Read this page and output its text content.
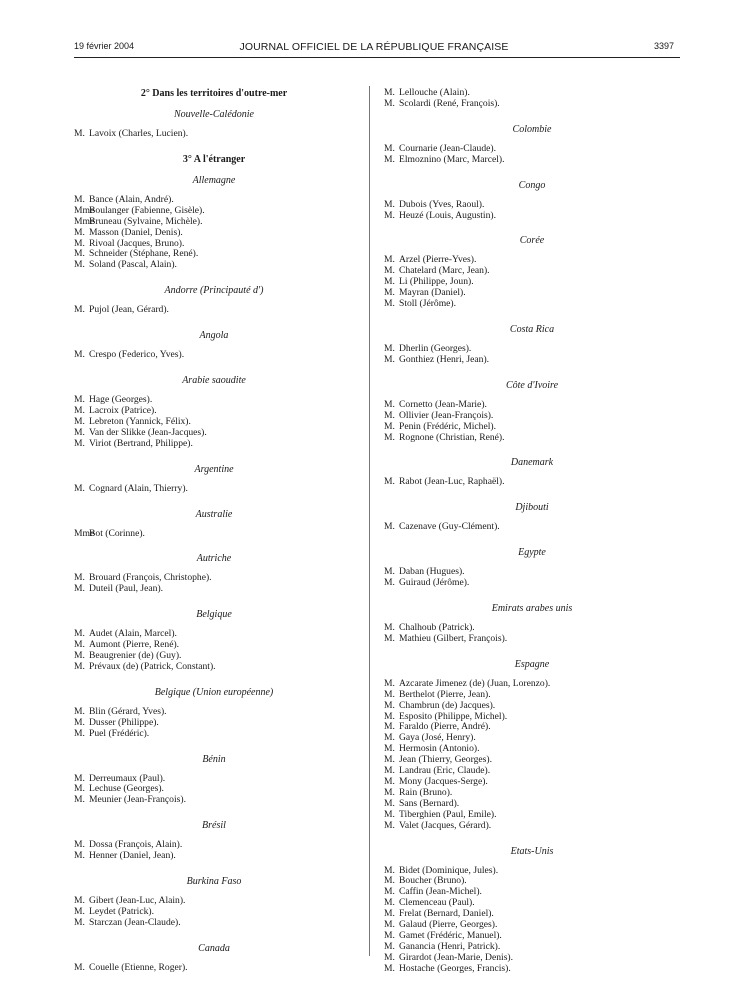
19 février 2004	JOURNAL OFFICIEL DE LA RÉPUBLIQUE FRANÇAISE	3397
2° Dans les territoires d'outre-mer
Nouvelle-Calédonie
M. Lavoix (Charles, Lucien).
3° A l'étranger
Allemagne
M. Bance (Alain, André).
MmeBoulanger (Fabienne, Gisèle).
MmeBruneau (Sylvaine, Michèle).
M. Masson (Daniel, Denis).
M. Rivoal (Jacques, Bruno).
M. Schneider (Stéphane, René).
M. Soland (Pascal, Alain).
Andorre (Principauté d')
M. Pujol (Jean, Gérard).
Angola
M. Crespo (Federico, Yves).
Arabie saoudite
M. Hage (Georges).
M. Lacroix (Patrice).
M. Lebreton (Yannick, Félix).
M. Van der Slikke (Jean-Jacques).
M. Viriot (Bertrand, Philippe).
Argentine
M. Cognard (Alain, Thierry).
Australie
MmeBot (Corinne).
Autriche
M. Brouard (François, Christophe).
M. Duteil (Paul, Jean).
Belgique
M. Audet (Alain, Marcel).
M. Aumont (Pierre, René).
M. Beaugrenier (de) (Guy).
M. Prévaux (de) (Patrick, Constant).
Belgique (Union européenne)
M. Blin (Gérard, Yves).
M. Dusser (Philippe).
M. Puel (Frédéric).
Bénin
M. Derreumaux (Paul).
M. Lechuse (Georges).
M. Meunier (Jean-François).
Brésil
M. Dossa (François, Alain).
M. Henner (Daniel, Jean).
Burkina Faso
M. Gibert (Jean-Luc, Alain).
M. Leydet (Patrick).
M. Starczan (Jean-Claude).
Canada
M. Couelle (Etienne, Roger).
M. Lellouche (Alain).
M. Scolardi (René, François).
Colombie
M. Cournarie (Jean-Claude).
M. Elmoznino (Marc, Marcel).
Congo
M. Dubois (Yves, Raoul).
M. Heuzé (Louis, Augustin).
Corée
M. Arzel (Pierre-Yves).
M. Chatelard (Marc, Jean).
M. Li (Philippe, Joun).
M. Mayran (Daniel).
M. Stoll (Jérôme).
Costa Rica
M. Dherlin (Georges).
M. Gonthiez (Henri, Jean).
Côte d'Ivoire
M. Cornetto (Jean-Marie).
M. Ollivier (Jean-François).
M. Penin (Frédéric, Michel).
M. Rognone (Christian, René).
Danemark
M. Rabot (Jean-Luc, Raphaël).
Djibouti
M. Cazenave (Guy-Clément).
Egypte
M. Daban (Hugues).
M. Guiraud (Jérôme).
Emirats arabes unis
M. Chalhoub (Patrick).
M. Mathieu (Gilbert, François).
Espagne
M. Azcarate Jimenez (de) (Juan, Lorenzo).
M. Berthelot (Pierre, Jean).
M. Chambrun (de) Jacques).
M. Esposito (Philippe, Michel).
M. Faraldo (Pierre, André).
M. Gaya (José, Henry).
M. Hermosin (Antonio).
M. Jean (Thierry, Georges).
M. Landrau (Eric, Claude).
M. Mony (Jacques-Serge).
M. Rain (Bruno).
M. Sans (Bernard).
M. Tiberghien (Paul, Emile).
M. Valet (Jacques, Gérard).
Etats-Unis
M. Bidet (Dominique, Jules).
M. Boucher (Bruno).
M. Caffin (Jean-Michel).
M. Clemenceau (Paul).
M. Frelat (Bernard, Daniel).
M. Galaud (Pierre, Georges).
M. Gamet (Frédéric, Manuel).
M. Ganancia (Henri, Patrick).
M. Girardot (Jean-Marie, Denis).
M. Hostache (Georges, Francis).
